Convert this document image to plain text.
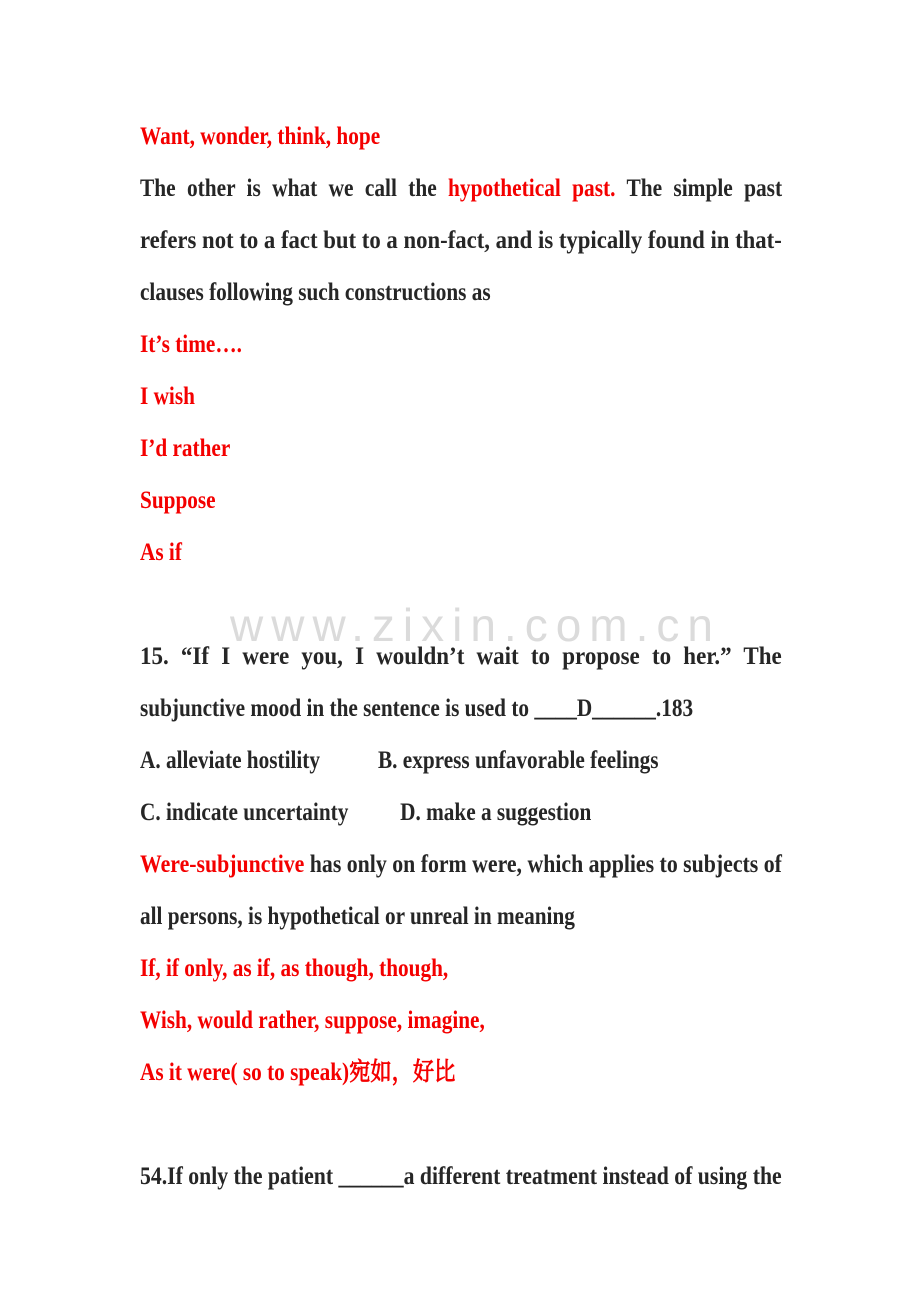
www.zixin.com.cn
Want, wonder, think, hope
The other is what we call the hypothetical past. The simple past
refers not to a fact but to a non-fact, and is typically found in that-
clauses following such constructions as
It’s time….
I wish
I’d rather
Suppose
As if
15. “If I were you, I wouldn’t wait to propose to her.” The
subjunctive mood in the sentence is used to ____D______.183
A. alleviate hostility B. express unfavorable feelings
C. indicate uncertainty D. make a suggestion
Were-subjunctive has only on form were, which applies to subjects of
all persons, is hypothetical or unreal in meaning
If, if only, as if, as though, though,
Wish, would rather, suppose, imagine,
As it were( so to speak)宛如，好比
54.If only the patient ______a different treatment instead of using the
